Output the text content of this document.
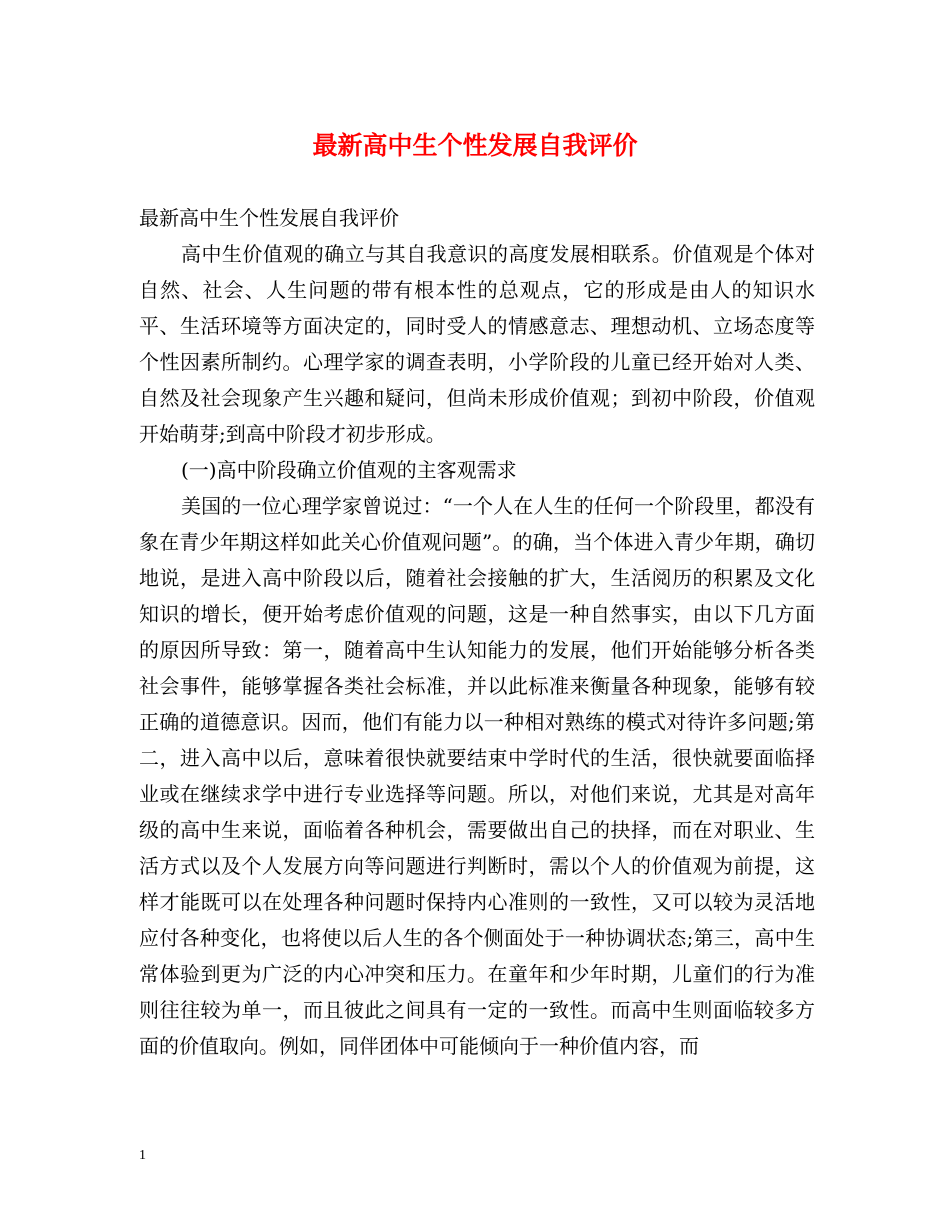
最新高中生个性发展自我评价

最新高中生个性发展自我评价

高中生价值观的确立与其自我意识的高度发展相联系。价值观是个体对自然、社会、人生问题的带有根本性的总观点，它的形成是由人的知识水平、生活环境等方面决定的，同时受人的情感意志、理想动机、立场态度等个性因素所制约。心理学家的调查表明，小学阶段的儿童已经开始对人类、自然及社会现象产生兴趣和疑问，但尚未形成价值观；到初中阶段，价值观开始萌芽;到高中阶段才初步形成。

(一)高中阶段确立价值观的主客观需求

美国的一位心理学家曾说过：“一个人在人生的任何一个阶段里，都没有象在青少年期这样如此关心价值观问题”。的确，当个体进入青少年期，确切地说，是进入高中阶段以后，随着社会接触的扩大，生活阅历的积累及文化知识的增长，便开始考虑价值观的问题，这是一种自然事实，由以下几方面的原因所导致：第一，随着高中生认知能力的发展，他们开始能够分析各类社会事件，能够掌握各类社会标准，并以此标准来衡量各种现象，能够有较正确的道德意识。因而，他们有能力以一种相对熟练的模式对待许多问题;第二，进入高中以后，意味着很快就要结束中学时代的生活，很快就要面临择业或在继续求学中进行专业选择等问题。所以，对他们来说，尤其是对高年级的高中生来说，面临着各种机会，需要做出自己的抉择，而在对职业、生活方式以及个人发展方向等问题进行判断时，需以个人的价值观为前提，这样才能既可以在处理各种问题时保持内心准则的一致性，又可以较为灵活地应付各种变化，也将使以后人生的各个侧面处于一种协调状态;第三，高中生常体验到更为广泛的内心冲突和压力。在童年和少年时期，儿童们的行为准则往往较为单一，而且彼此之间具有一定的一致性。而高中生则面临较多方面的价值取向。例如，同伴团体中可能倾向于一种价值内容，而

1
